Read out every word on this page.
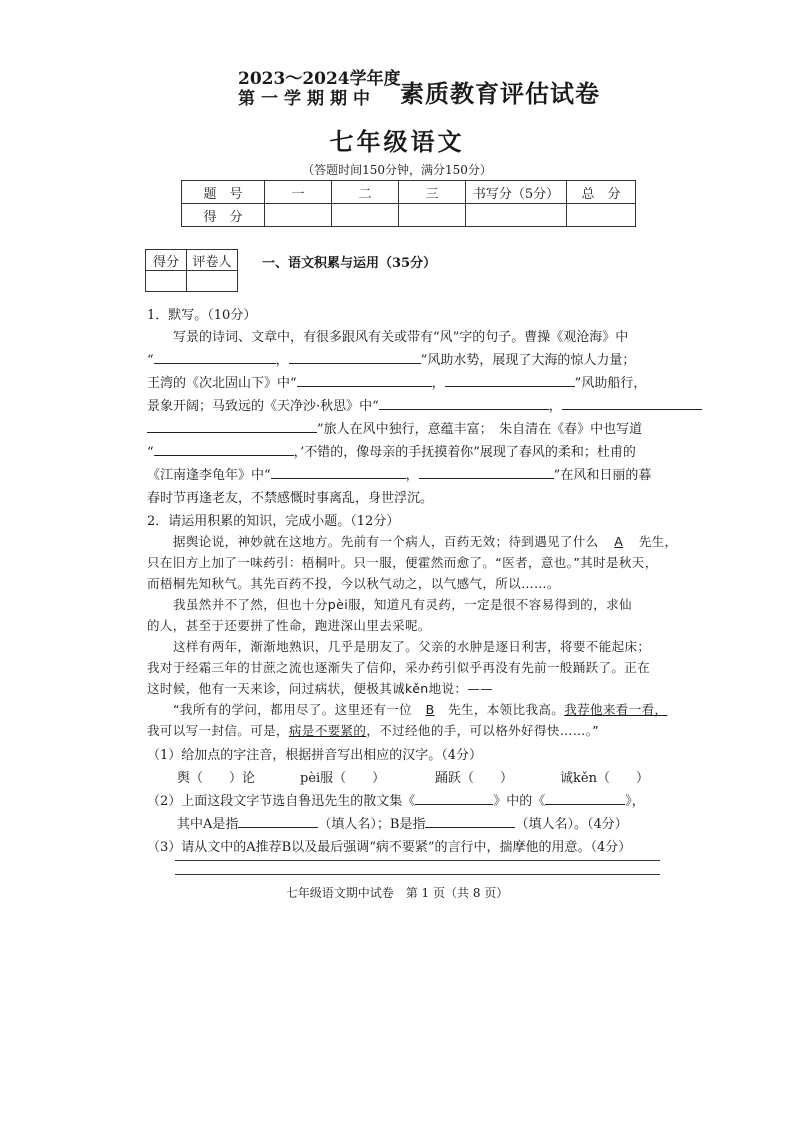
2023～2024学年度
第一学期期中 素质教育评估试卷
七年级语文
（答题时间150分钟，满分150分）
题　号	一	二	三	书写分（5分）	总　分
得　分					
得分	评卷人
	一、语文积累与运用（35分）
1．默写。（10分）
写景的诗词、文章中，有很多跟风有关或带有“风”字的句子。曹操《观沧海》中
“	，	”风助水势，展现了大海的惊人力量；
王湾的《次北固山下》中“	，	”风助船行，
景象开阔；马致远的《天净沙·秋思》中“	，
”旅人在风中独行，意蕴丰富；　朱自清在《春》中也写道
“	，’不错的，像母亲的手抚摸着你”展现了春风的柔和；杜甫的
《江南逢李龟年》中“	，	”在风和日丽的暮
春时节再逢老友，不禁感慨时事离乱，身世浮沉。
2．请运用积累的知识，完成小题。（12分）
据舆论说，神妙就在这地方。先前有一个病人，百药无效；待到遇见了什么 A 先生，
只在旧方上加了一味药引：梧桐叶。只一服，便霍然而愈了。“医者，意也。”其时是秋天，
而梧桐先知秋气。其先百药不投，今以秋气动之，以气感气，所以……。
我虽然并不了然，但也十分pèi服，知道凡有灵药，一定是很不容易得到的，求仙
的人，甚至于还要拼了性命，跑进深山里去采呢。
这样有两年，渐渐地熟识，几乎是朋友了。父亲的水肿是逐日利害，将要不能起床；
我对于经霜三年的甘蔗之流也逐渐失了信仰，采办药引似乎再没有先前一般踊跃了。正在
这时候，他有一天来诊，问过病状，便极其诚kěn地说：——
“我所有的学问，都用尽了。这里还有一位 B 先生，本领比我高。我荐他来看一看，
我可以写一封信。可是，病是不要紧的，不过经他的手，可以格外好得快……。”
（1）给加点的字注音，根据拼音写出相应的汉字。（4分）
舆（　　）论	pèi服（　　）	踊跃（　　）	诚kěn（　　）
（2）上面这段文字节选自鲁迅先生的散文集《	》中的《	》，
其中A是指	（填人名）；B是指	（填人名）。（4分）
（3）请从文中的A推荐B以及最后强调“病不要紧”的言行中，揣摩他的用意。（4分）
七年级语文期中试卷　第 1 页（共 8 页）
